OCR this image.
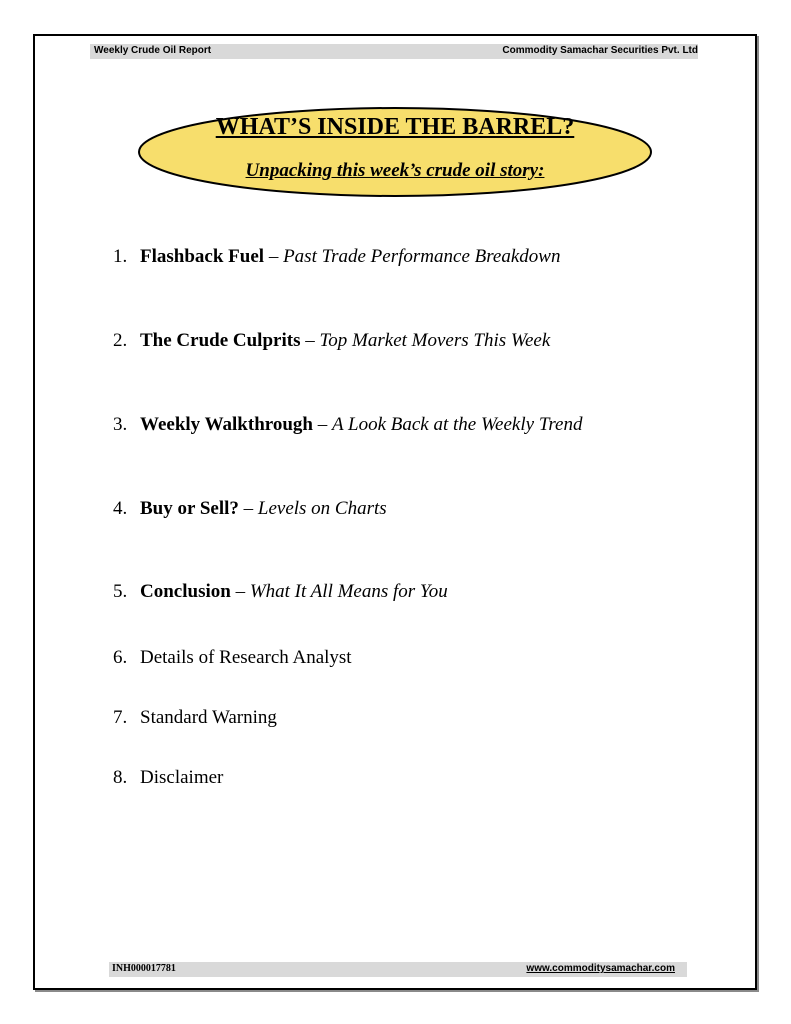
Weekly Crude Oil Report	Commodity Samachar Securities Pvt. Ltd
WHAT’S INSIDE THE BARREL?
Unpacking this week’s crude oil story:
1. Flashback Fuel – Past Trade Performance Breakdown
2. The Crude Culprits – Top Market Movers This Week
3. Weekly Walkthrough – A Look Back at the Weekly Trend
4. Buy or Sell? – Levels on Charts
5. Conclusion – What It All Means for You
6. Details of Research Analyst
7. Standard Warning
8. Disclaimer
INH000017781	www.commoditysamachar.com
